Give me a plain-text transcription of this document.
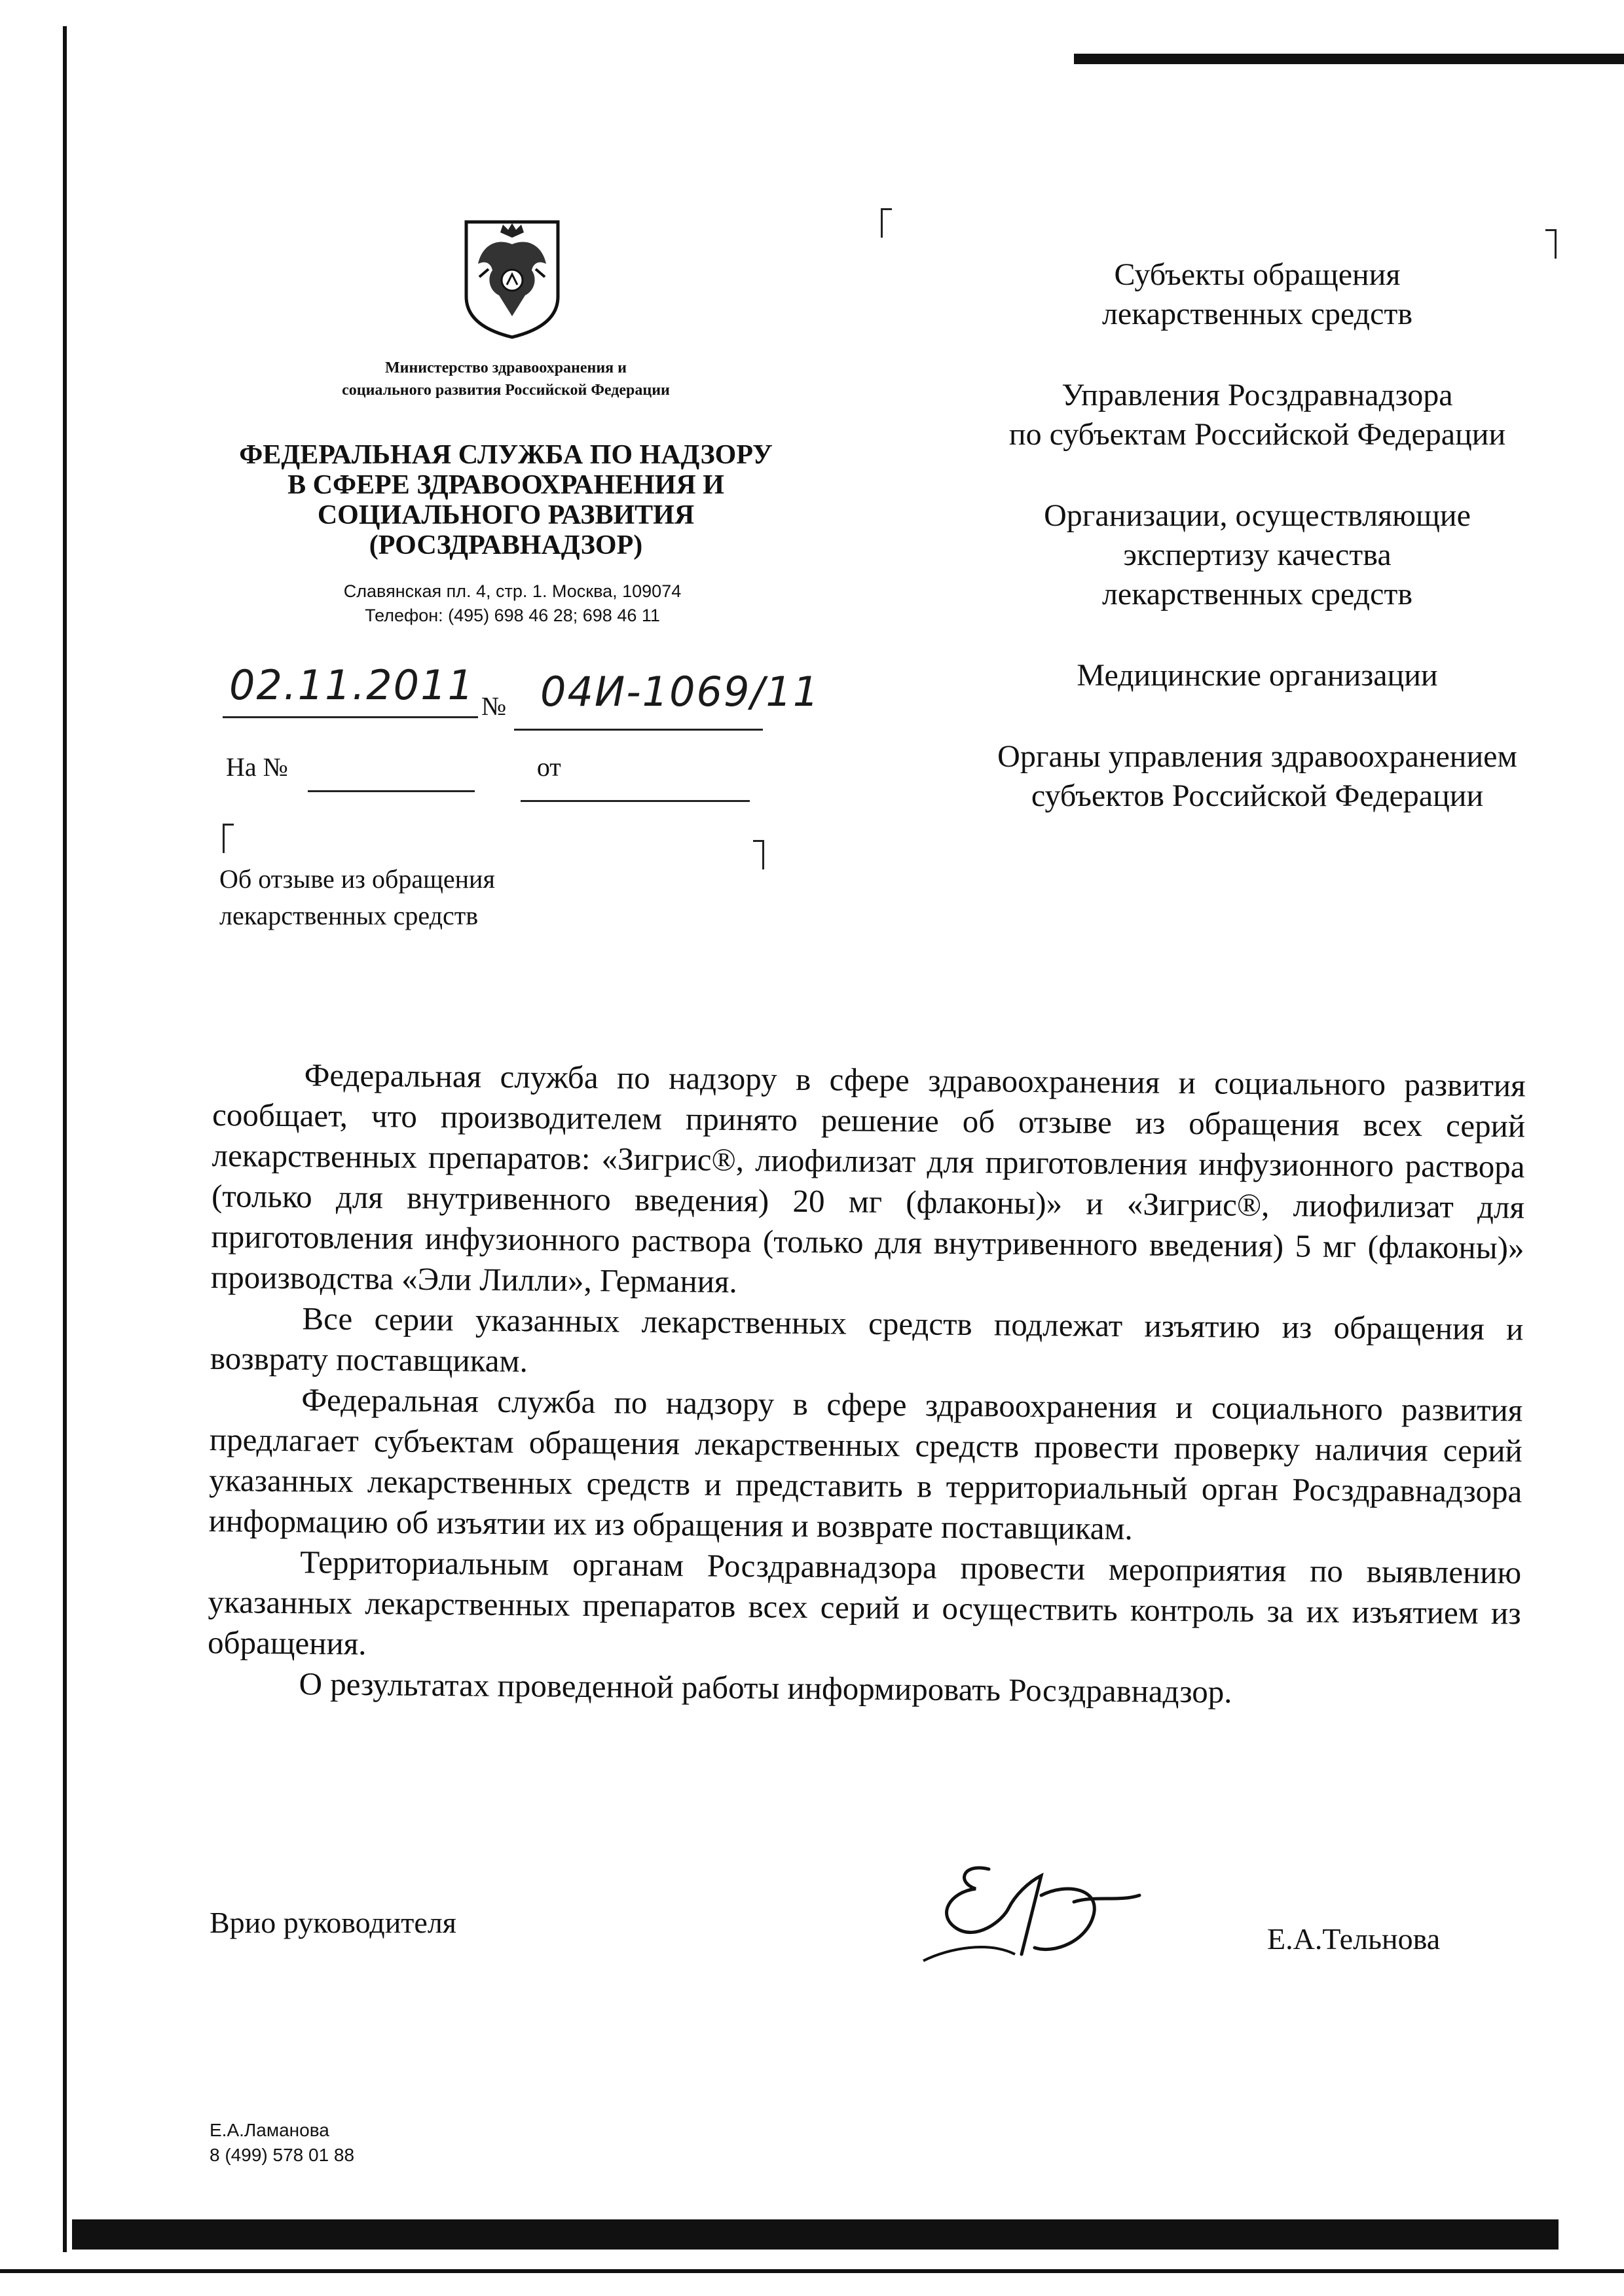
Министерство здравоохранения и
социального развития Российской Федерации
ФЕДЕРАЛЬНАЯ СЛУЖБА ПО НАДЗОРУ
В СФЕРЕ ЗДРАВООХРАНЕНИЯ И
СОЦИАЛЬНОГО РАЗВИТИЯ
(РОСЗДРАВНАДЗОР)
Славянская пл. 4, стр. 1. Москва, 109074
Телефон: (495) 698 46 28; 698 46 11
02.11.2011 № 04И-1069/11
На №	от
Об отзыве из обращения
лекарственных средств
Субъекты обращения
лекарственных средств
Управления Росздравнадзора
по субъектам Российской Федерации
Организации, осуществляющие
экспертизу качества
лекарственных средств
Медицинские организации
Органы управления здравоохранением
субъектов Российской Федерации

Федеральная служба по надзору в сфере здравоохранения и социального развития сообщает, что производителем принято решение об отзыве из обращения всех серий лекарственных препаратов: «Зигрис®, лиофилизат для приготовления инфузионного раствора (только для внутривенного введения) 20 мг (флаконы)» и «Зигрис®, лиофилизат для приготовления инфузионного раствора (только для внутривенного введения) 5 мг (флаконы)» производства «Эли Лилли», Германия.

Все серии указанных лекарственных средств подлежат изъятию из обращения и возврату поставщикам.

Федеральная служба по надзору в сфере здравоохранения и социального развития предлагает субъектам обращения лекарственных средств провести проверку наличия серий указанных лекарственных средств и представить в территориальный орган Росздравнадзора информацию об изъятии их из обращения и возврате поставщикам.

Территориальным органам Росздравнадзора провести мероприятия по выявлению указанных лекарственных препаратов всех серий и осуществить контроль за их изъятием из обращения.

О результатах проведенной работы информировать Росздравнадзор.

Врио руководителя	Е.А.Тельнова
Е.А.Ламанова
8 (499) 578 01 88
